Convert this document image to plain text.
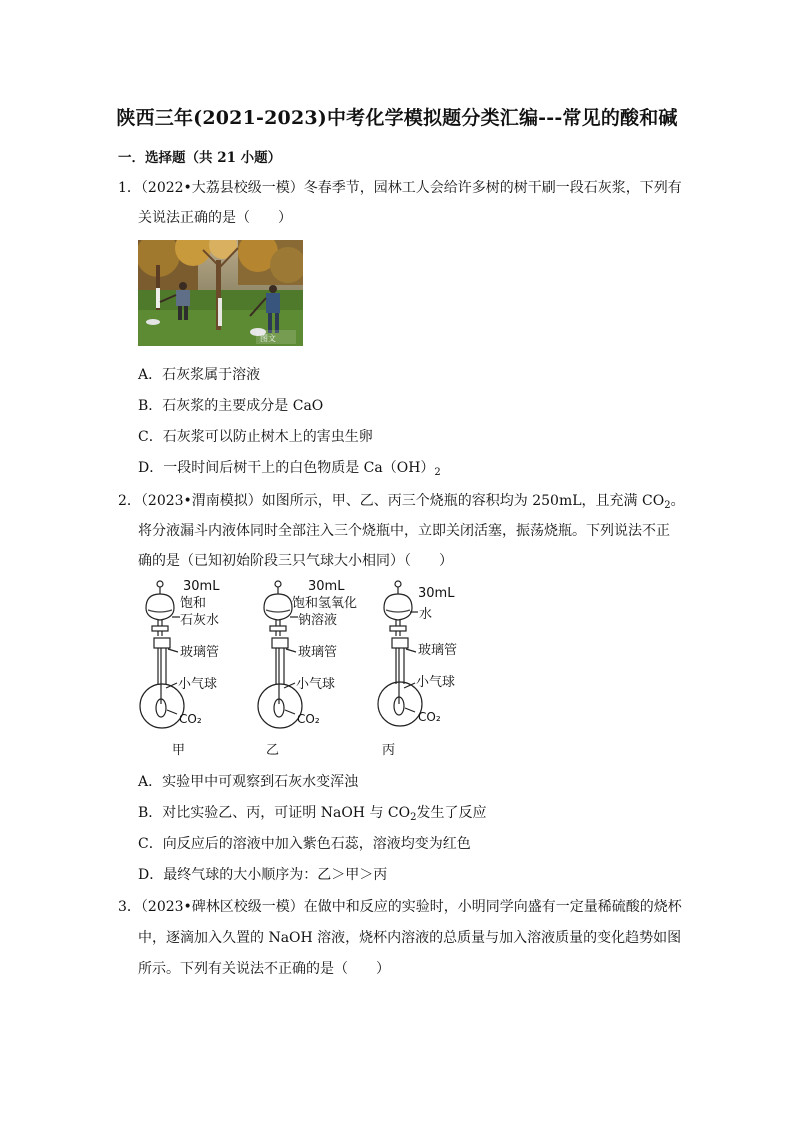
陕西三年(2021-2023)中考化学模拟题分类汇编---常见的酸和碱
一．选择题（共 21 小题）
1．（2022•大荔县校级一模）冬春季节，园林工人会给许多树的树干刷一段石灰浆，下列有
关说法正确的是（　　）
图文
A．石灰浆属于溶液
B．石灰浆的主要成分是 CaO
C．石灰浆可以防止树木上的害虫生卵
D．一段时间后树干上的白色物质是 $Ca(OH)_2$
2．（2023•渭南模拟）如图所示，甲、乙、丙三个烧瓶的容积均为 250mL，且充满 $CO_2$。
将分液漏斗内液体同时全部注入三个烧瓶中，立即关闭活塞，振荡烧瓶。下列说法不正
确的是（已知初始阶段三只气球大小相同）（　　）
30mL
饱和
石灰水
玻璃管
小气球
CO₂
甲
30mL
饱和氢氧化
钠溶液
玻璃管
小气球
CO₂
乙
30mL
水
玻璃管
小气球
CO₂
丙
A．实验甲中可观察到石灰水变浑浊
B．对比实验乙、丙，可证明 NaOH 与 $CO_2$发生了反应
C．向反应后的溶液中加入紫色石蕊，溶液均变为红色
D．最终气球的大小顺序为：乙＞甲＞丙
3．（2023•碑林区校级一模）在做中和反应的实验时，小明同学向盛有一定量稀硫酸的烧杯
中，逐滴加入久置的 NaOH 溶液，烧杯内溶液的总质量与加入溶液质量的变化趋势如图
所示。下列有关说法不正确的是（　　）
